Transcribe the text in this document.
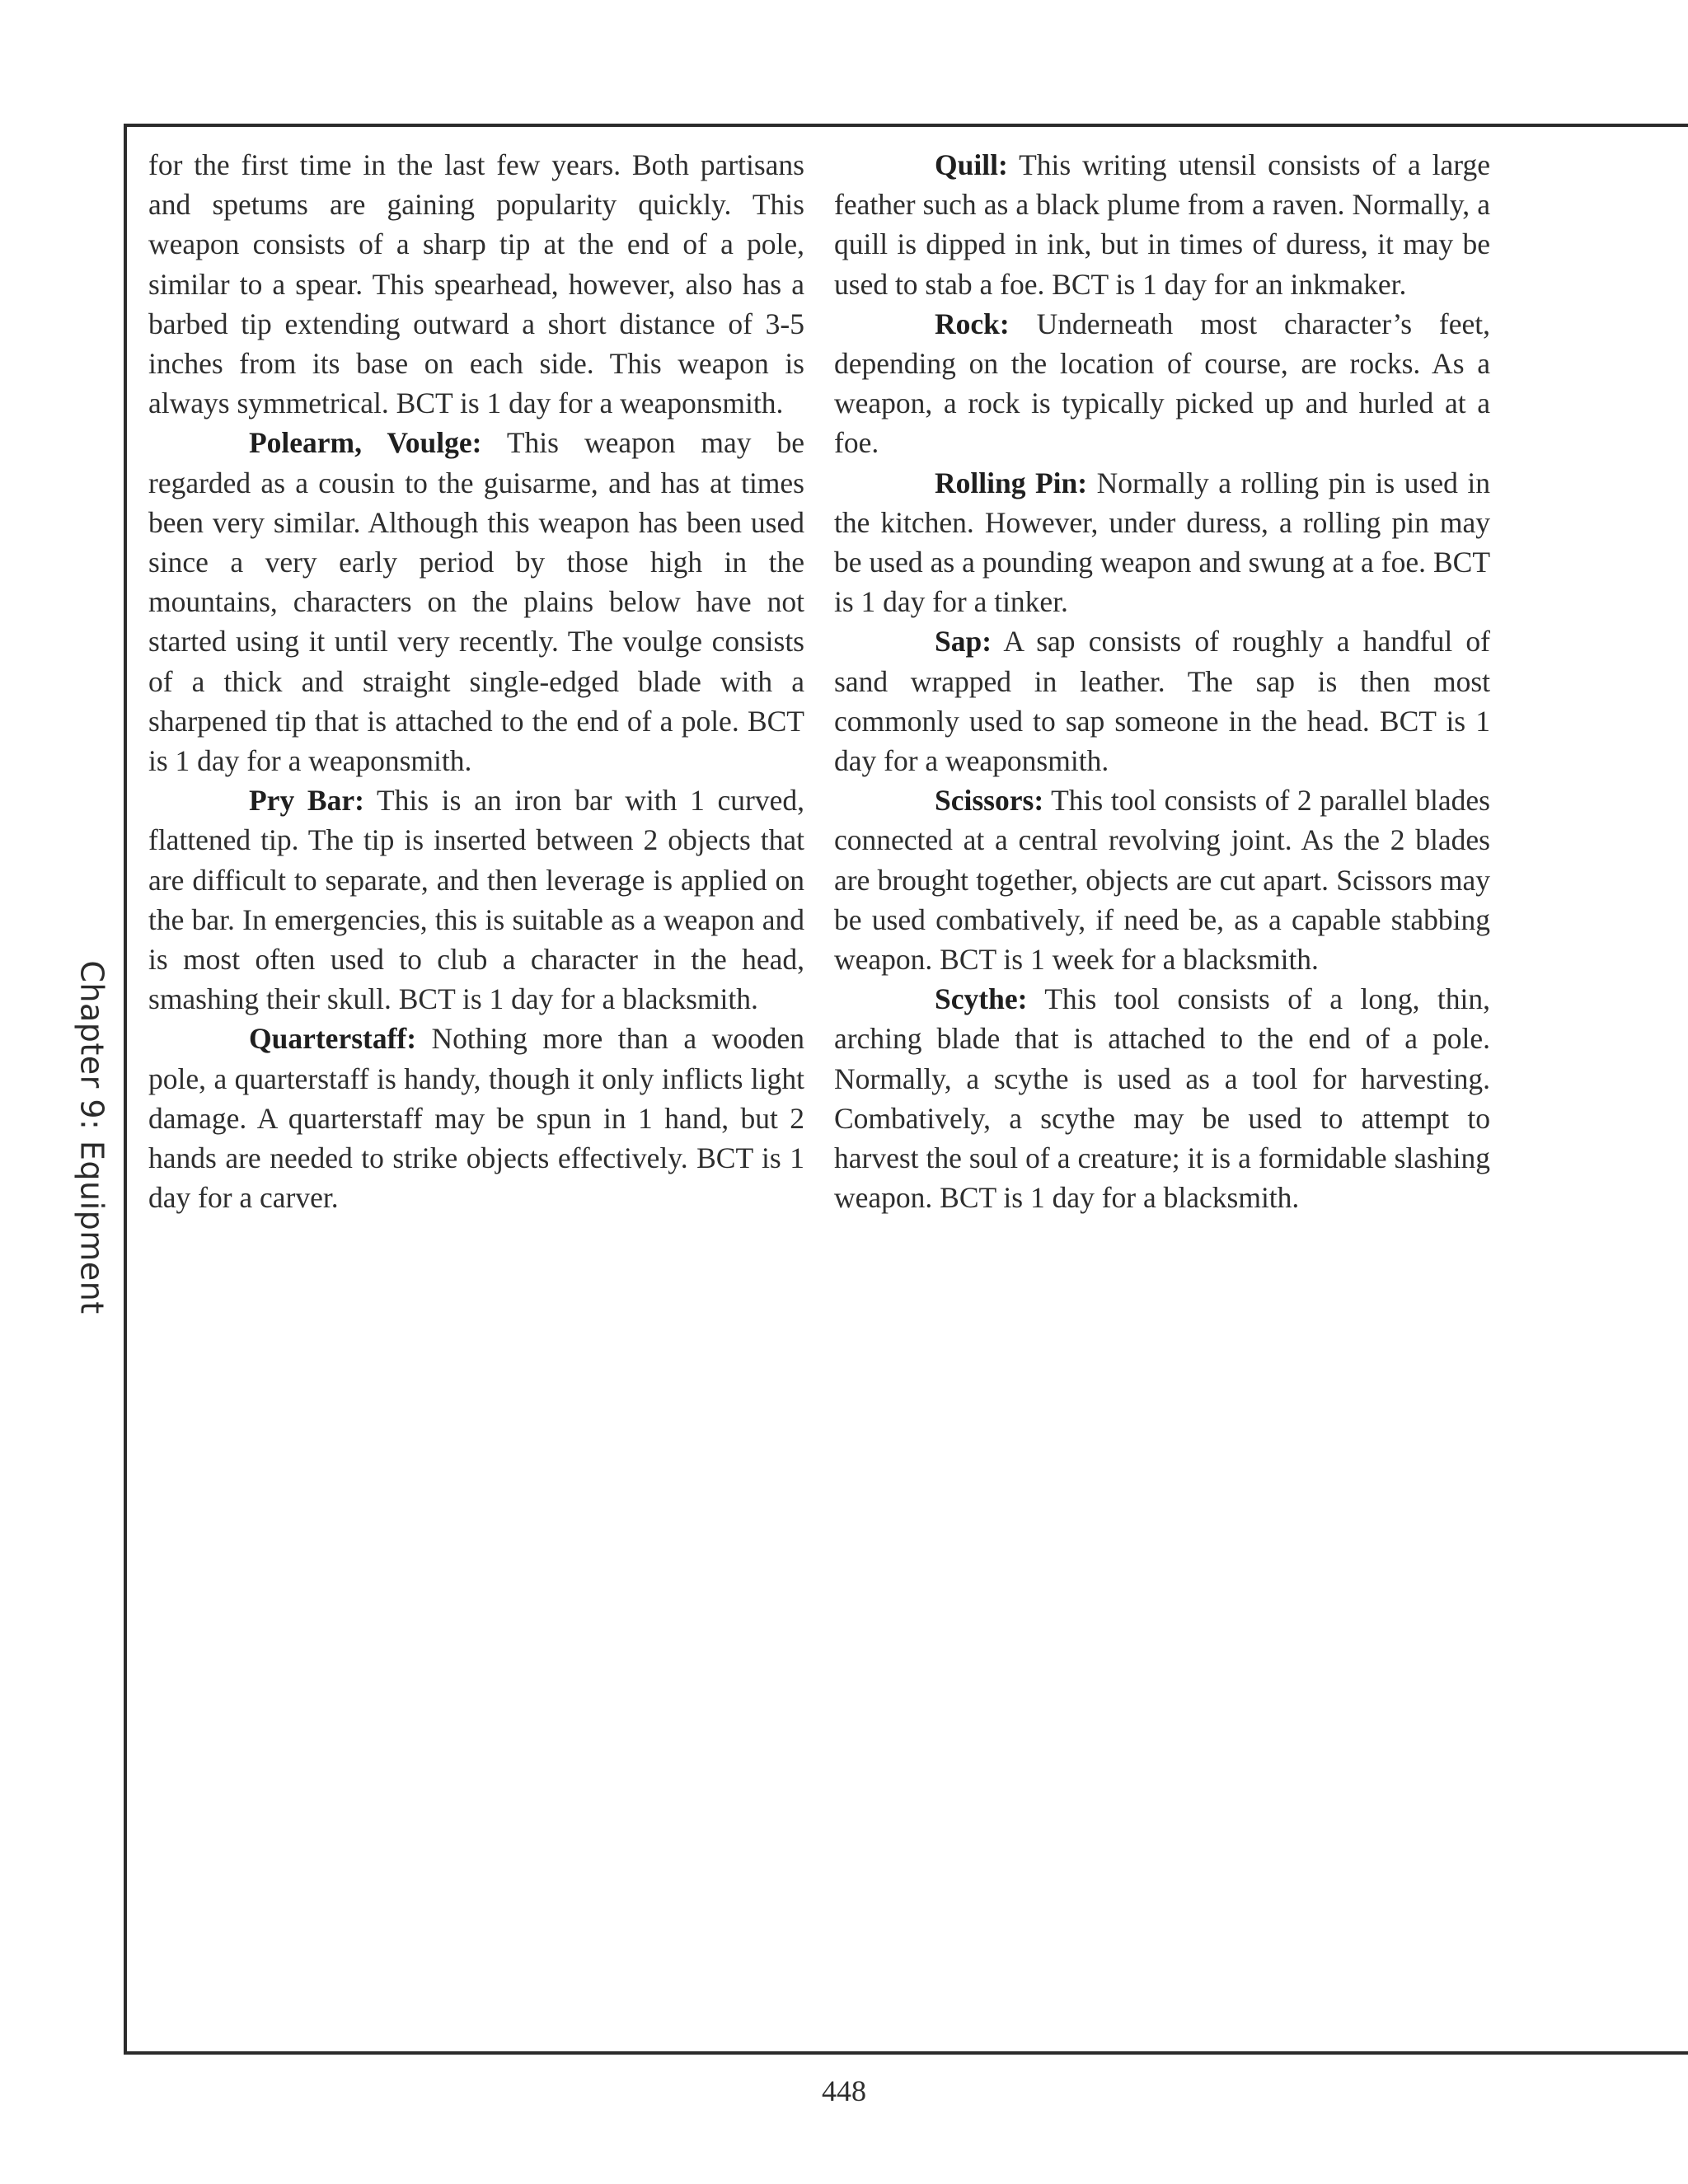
Chapter 9: Equipment

for the first time in the last few years. Both partisans and spetums are gaining popularity quickly. This weapon consists of a sharp tip at the end of a pole, similar to a spear. This spearhead, however, also has a barbed tip extending outward a short distance of 3-5 inches from its base on each side. This weapon is always symmetrical. BCT is 1 day for a weaponsmith.

Polearm, Voulge: This weapon may be regarded as a cousin to the guisarme, and has at times been very similar. Although this weapon has been used since a very early period by those high in the mountains, characters on the plains below have not started using it until very recently. The voulge consists of a thick and straight single-edged blade with a sharpened tip that is attached to the end of a pole. BCT is 1 day for a weaponsmith.

Pry Bar: This is an iron bar with 1 curved, flattened tip. The tip is inserted between 2 objects that are difficult to separate, and then leverage is applied on the bar. In emergencies, this is suitable as a weapon and is most often used to club a character in the head, smashing their skull. BCT is 1 day for a blacksmith.

Quarterstaff: Nothing more than a wooden pole, a quarterstaff is handy, though it only inflicts light damage. A quarterstaff may be spun in 1 hand, but 2 hands are needed to strike objects effectively. BCT is 1 day for a carver.

Quill: This writing utensil consists of a large feather such as a black plume from a raven. Normally, a quill is dipped in ink, but in times of duress, it may be used to stab a foe. BCT is 1 day for an inkmaker.

Rock: Underneath most character’s feet, depending on the location of course, are rocks. As a weapon, a rock is typically picked up and hurled at a foe.

Rolling Pin: Normally a rolling pin is used in the kitchen. However, under duress, a rolling pin may be used as a pounding weapon and swung at a foe. BCT is 1 day for a tinker.

Sap: A sap consists of roughly a handful of sand wrapped in leather. The sap is then most commonly used to sap someone in the head. BCT is 1 day for a weaponsmith.

Scissors: This tool consists of 2 parallel blades connected at a central revolving joint. As the 2 blades are brought together, objects are cut apart. Scissors may be used combatively, if need be, as a capable stabbing weapon. BCT is 1 week for a blacksmith.

Scythe: This tool consists of a long, thin, arching blade that is attached to the end of a pole. Normally, a scythe is used as a tool for harvesting. Combatively, a scythe may be used to attempt to harvest the soul of a creature; it is a formidable slashing weapon. BCT is 1 day for a blacksmith.

448
